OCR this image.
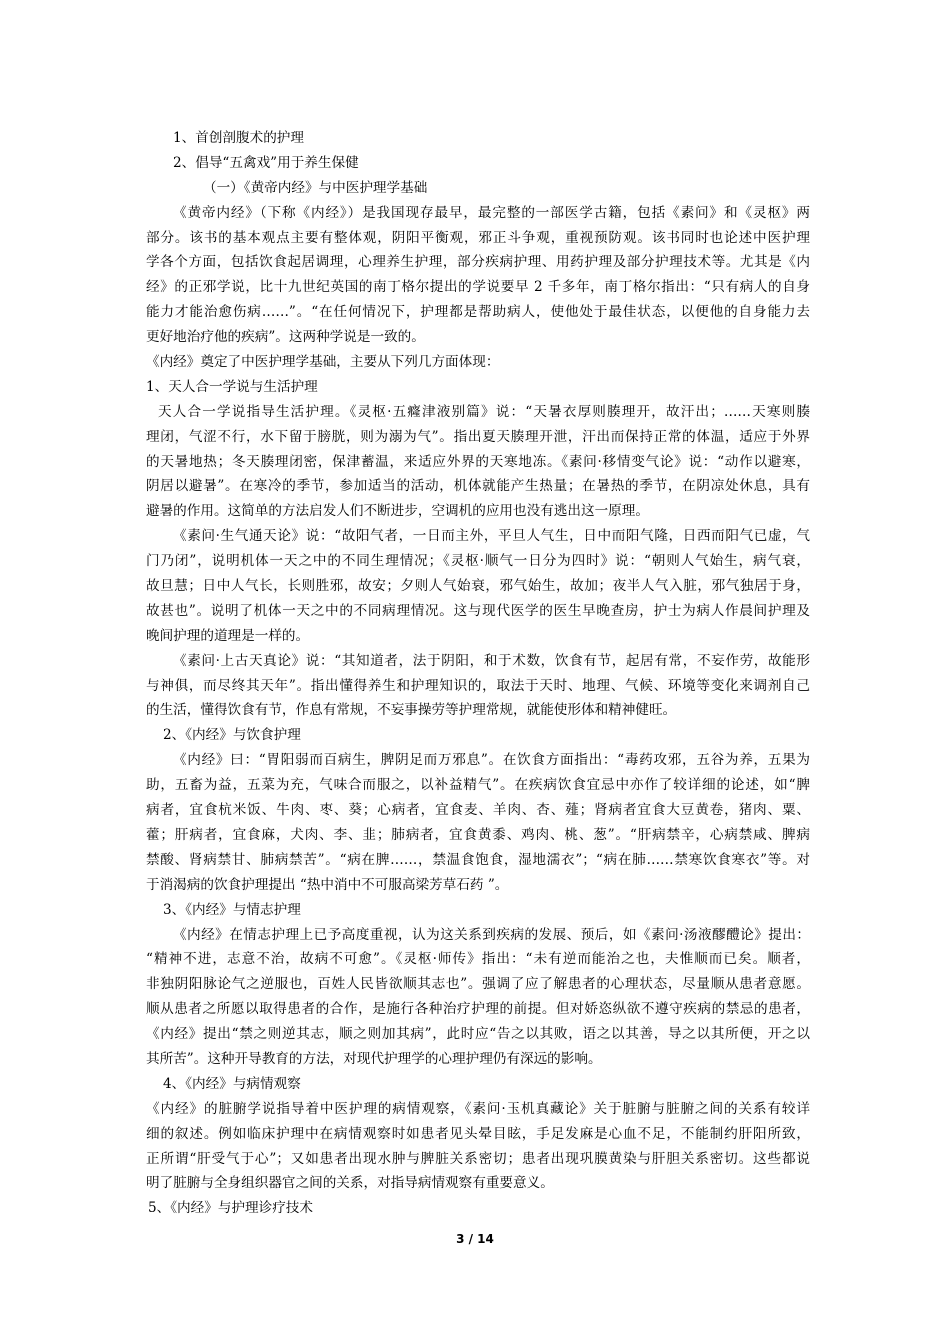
1、首创剖腹术的护理
2、倡导“五禽戏”用于养生保健
（一）《黄帝内经》与中医护理学基础
《黄帝内经》（下称《内经》）是我国现存最早，最完整的一部医学古籍，包括《素问》和《灵枢》两
部分。该书的基本观点主要有整体观，阴阳平衡观，邪正斗争观，重视预防观。该书同时也论述中医护理
学各个方面，包括饮食起居调理，心理养生护理，部分疾病护理、用药护理及部分护理技术等。尤其是《内
经》的正邪学说，比十九世纪英国的南丁格尔提出的学说要早 2 千多年，南丁格尔指出：“只有病人的自身
能力才能治愈伤病……”。“在任何情况下，护理都是帮助病人，使他处于最佳状态，以便他的自身能力去
更好地治疗他的疾病”。这两种学说是一致的。
《内经》奠定了中医护理学基础，主要从下列几方面体现：
1、天人合一学说与生活护理
天人合一学说指导生活护理。《灵枢·五癃津液别篇》说：“天暑衣厚则腠理开，故汗出；……天寒则腠
理闭，气涩不行，水下留于膀胱，则为溺为气”。指出夏天腠理开泄，汗出而保持正常的体温，适应于外界
的天暑地热；冬天腠理闭密，保津蓄温，来适应外界的天寒地冻。《素问·移情变气论》说：“动作以避寒，
阴居以避暑”。在寒冷的季节，参加适当的活动，机体就能产生热量；在暑热的季节，在阴凉处休息，具有
避暑的作用。这简单的方法启发人们不断进步，空调机的应用也没有逃出这一原理。
《素问·生气通天论》说：“故阳气者，一日而主外，平旦人气生，日中而阳气隆，日西而阳气已虚，气
门乃闭”，说明机体一天之中的不同生理情况；《灵枢·顺气一日分为四时》说：“朝则人气始生，病气衰，
故旦慧；日中人气长，长则胜邪，故安；夕则人气始衰，邪气始生，故加；夜半人气入脏，邪气独居于身，
故甚也”。说明了机体一天之中的不同病理情况。这与现代医学的医生早晚查房，护士为病人作晨间护理及
晚间护理的道理是一样的。
《素问·上古天真论》说：“其知道者，法于阴阳，和于术数，饮食有节，起居有常，不妄作劳，故能形
与神俱，而尽终其天年”。指出懂得养生和护理知识的，取法于天时、地理、气候、环境等变化来调剂自己
的生活，懂得饮食有节，作息有常规，不妄事操劳等护理常规，就能使形体和精神健旺。
2、《内经》与饮食护理
《内经》曰：“胃阳弱而百病生，脾阴足而万邪息”。在饮食方面指出：“毒药攻邪，五谷为养，五果为
助，五畜为益，五菜为充，气味合而服之，以补益精气”。在疾病饮食宜忌中亦作了较详细的论述，如“脾
病者，宜食杭米饭、牛肉、枣、葵；心病者，宜食麦、羊肉、杏、薤；肾病者宜食大豆黄卷，猪肉、粟、
藿；肝病者，宜食麻，犬肉、李、韭；肺病者，宜食黄黍、鸡肉、桃、葱”。“肝病禁辛，心病禁咸、脾病
禁酸、肾病禁甘、肺病禁苦”。“病在脾……，禁温食饱食，湿地濡衣”；“病在肺……禁寒饮食寒衣”等。对
于消渴病的饮食护理提出 “热中消中不可服高梁芳草石药 ”。
3、《内经》与情志护理
《内经》在情志护理上已予高度重视，认为这关系到疾病的发展、预后，如《素问·汤液醪醴论》提出：
“精神不进，志意不治，故病不可愈”。《灵枢·师传》指出：“未有逆而能治之也，夫惟顺而已矣。顺者，
非独阴阳脉论气之逆服也，百姓人民皆欲顺其志也”。强调了应了解患者的心理状态，尽量顺从患者意愿。
顺从患者之所愿以取得患者的合作，是施行各种治疗护理的前提。但对娇恣纵欲不遵守疾病的禁忌的患者，
《内经》提出“禁之则逆其志，顺之则加其病”，此时应“告之以其败，语之以其善，导之以其所便，开之以
其所苦”。这种开导教育的方法，对现代护理学的心理护理仍有深远的影响。
4、《内经》与病情观察
《内经》的脏腑学说指导着中医护理的病情观察，《素问·玉机真藏论》关于脏腑与脏腑之间的关系有较详
细的叙述。例如临床护理中在病情观察时如患者见头晕目眩，手足发麻是心血不足，不能制约肝阳所致，
正所谓“肝受气于心”；又如患者出现水肿与脾脏关系密切；患者出现巩膜黄染与肝胆关系密切。这些都说
明了脏腑与全身组织器官之间的关系，对指导病情观察有重要意义。
5、《内经》与护理诊疗技术
3 / 14
